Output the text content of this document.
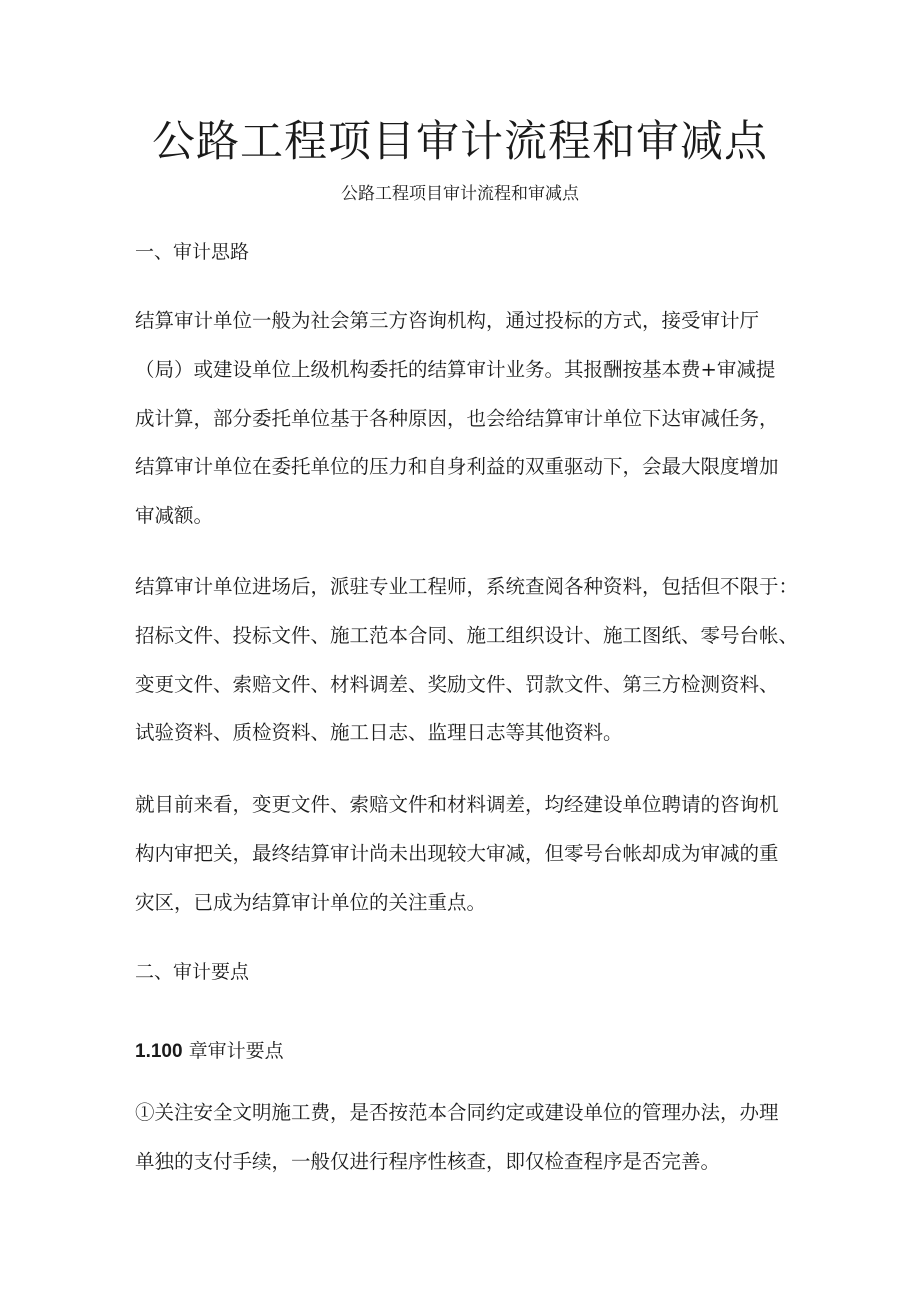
公路工程项目审计流程和审减点
公路工程项目审计流程和审减点
一、审计思路
结算审计单位一般为社会第三方咨询机构，通过投标的方式，接受审计厅
（局）或建设单位上级机构委托的结算审计业务。其报酬按基本费+审减提
成计算，部分委托单位基于各种原因，也会给结算审计单位下达审减任务，
结算审计单位在委托单位的压力和自身利益的双重驱动下，会最大限度增加
审减额。
结算审计单位进场后，派驻专业工程师，系统查阅各种资料，包括但不限于：
招标文件、投标文件、施工范本合同、施工组织设计、施工图纸、零号台帐、
变更文件、索赔文件、材料调差、奖励文件、罚款文件、第三方检测资料、
试验资料、质检资料、施工日志、监理日志等其他资料。
就目前来看，变更文件、索赔文件和材料调差，均经建设单位聘请的咨询机
构内审把关，最终结算审计尚未出现较大审减，但零号台帐却成为审减的重
灾区，已成为结算审计单位的关注重点。
二、审计要点
1.100 章审计要点
①关注安全文明施工费，是否按范本合同约定或建设单位的管理办法，办理
单独的支付手续，一般仅进行程序性核查，即仅检查程序是否完善。
